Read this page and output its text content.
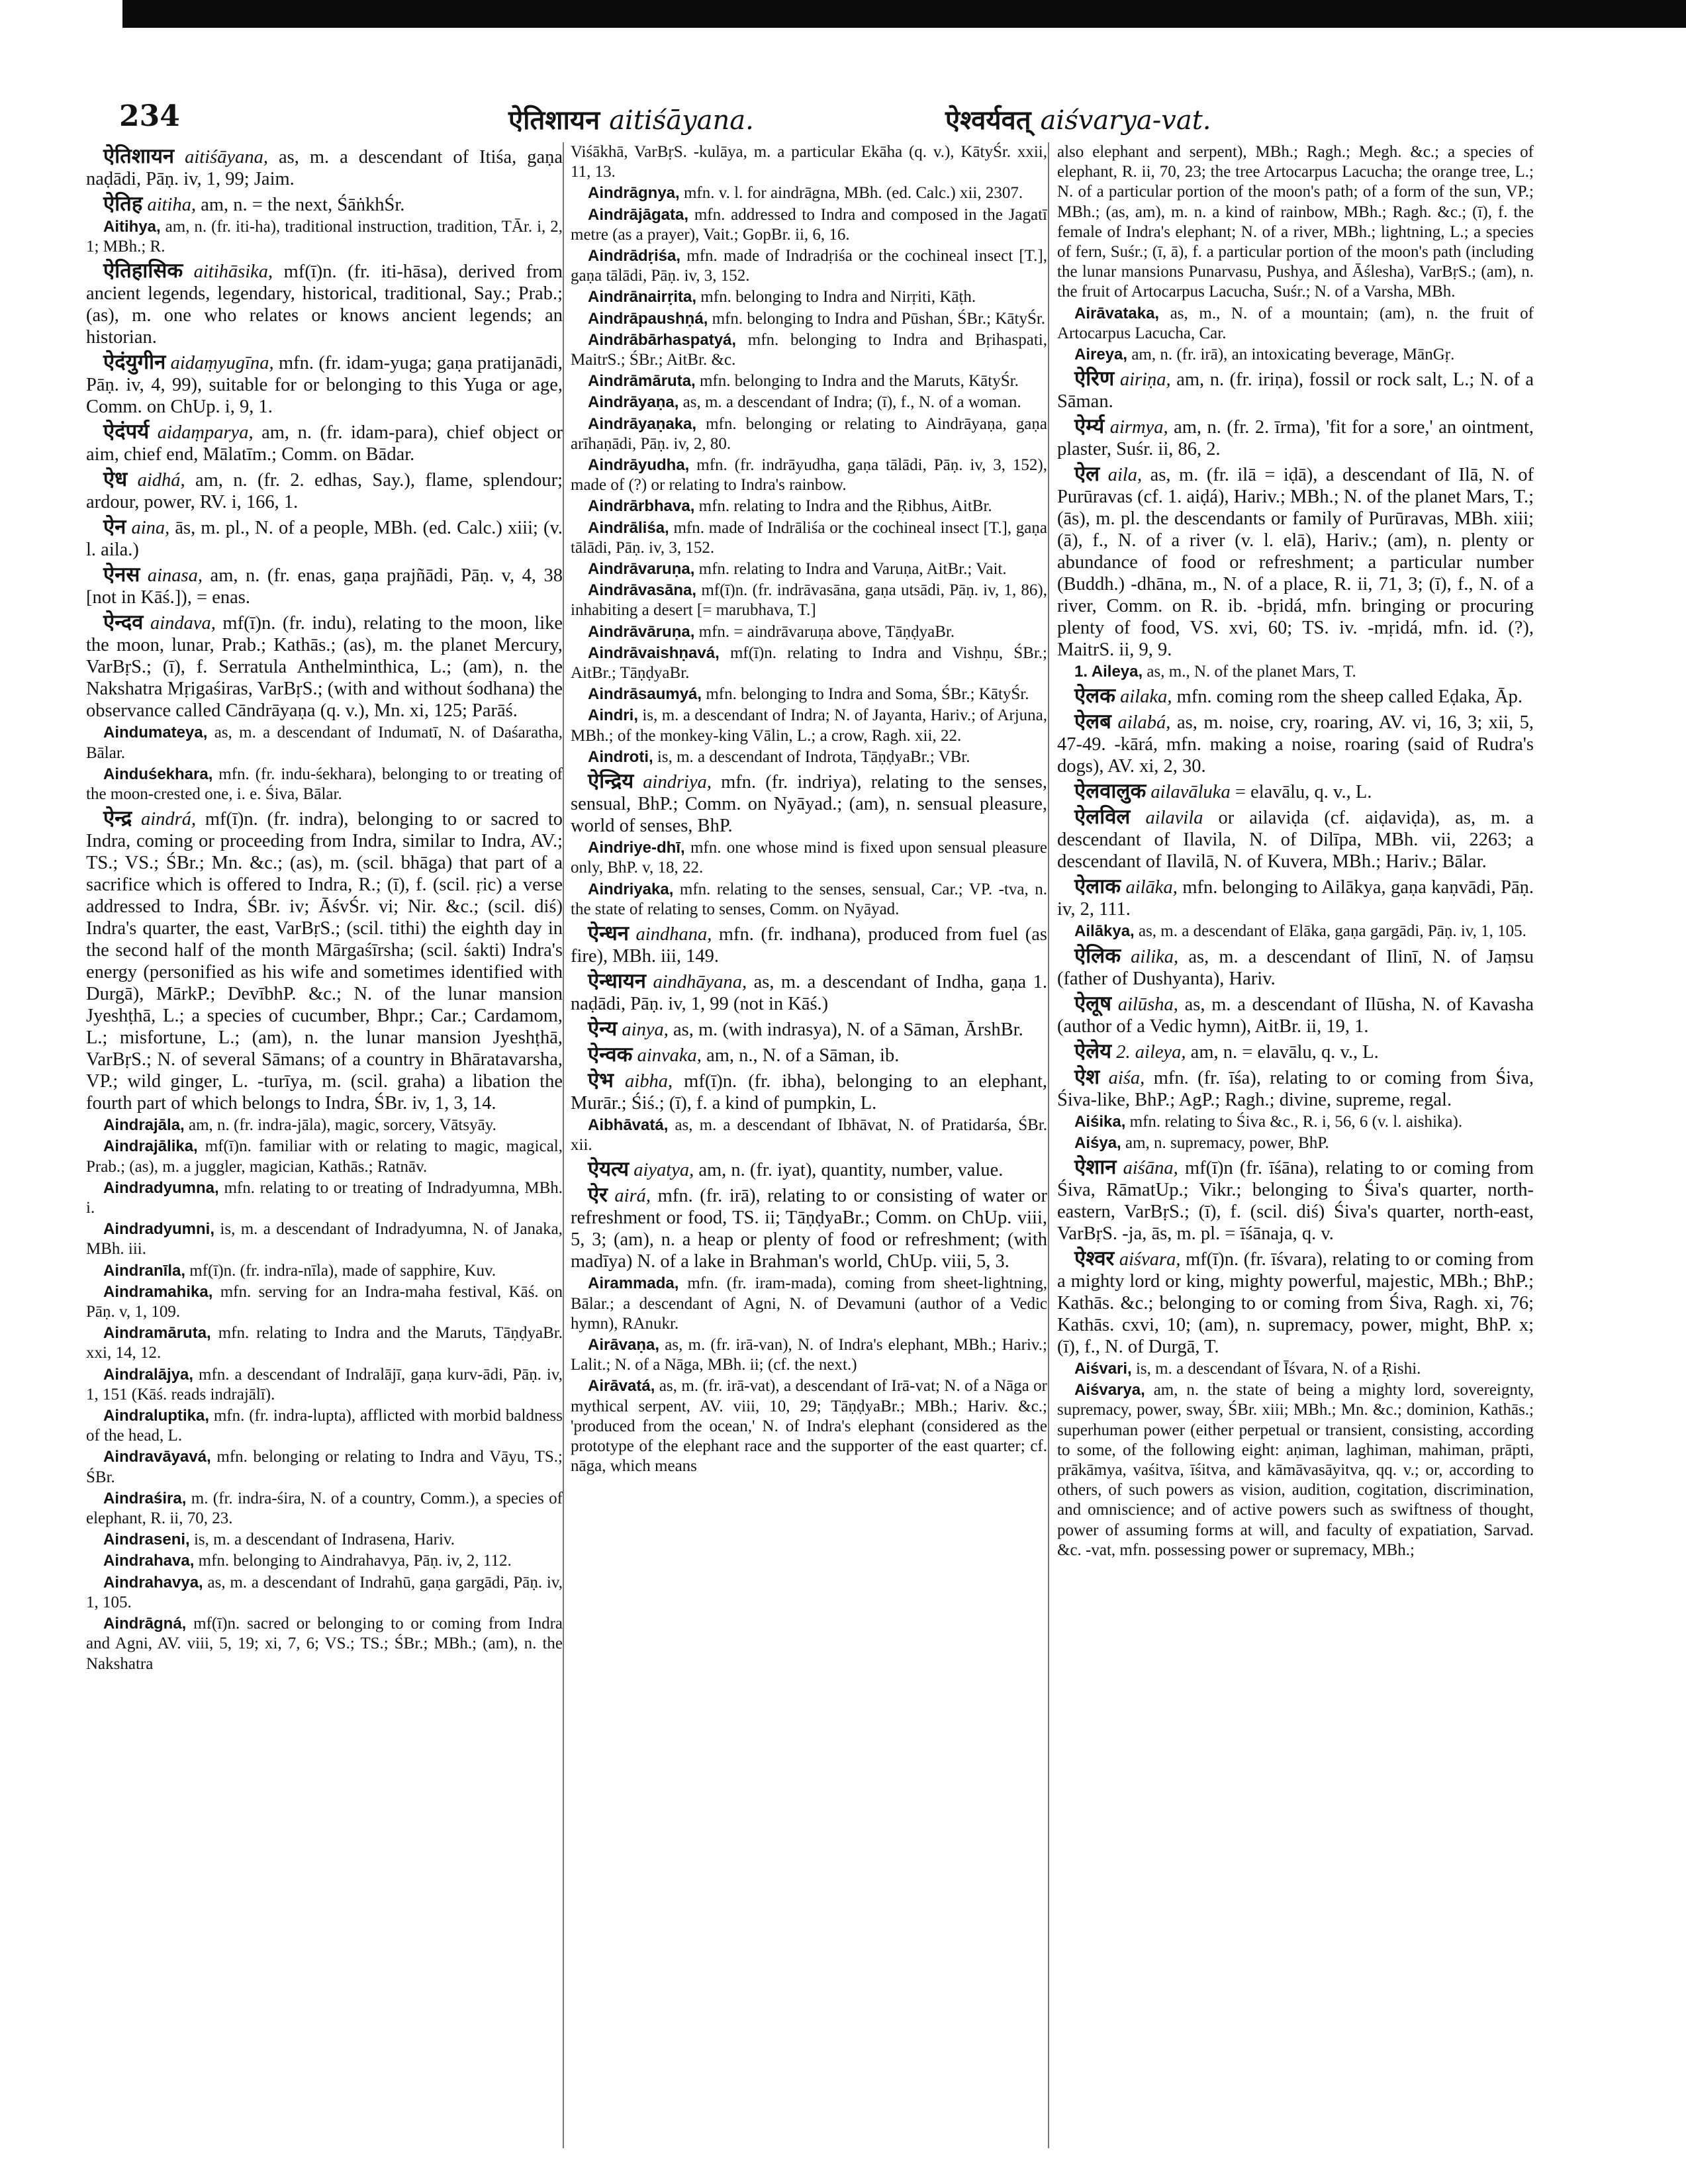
234	ऐतिशायन aitiśāyana.	ऐश्वर्यवत् aiśvarya-vat.

ऐतिशायन aitiśāyana, as, m. a descendant of Itiśa, gaṇa naḍādi, Pāṇ. iv, 1, 99; Jaim.

ऐतिह aitiha, am, n. = the next, ŚāṅkhŚr.

Aitihya, am, n. (fr. iti-ha), traditional instruction, tradition, TĀr. i, 2, 1; MBh.; R.

ऐतिहासिक aitihāsika, mf(ī)n. (fr. iti-hāsa), derived from ancient legends, legendary, historical, traditional, Say.; Prab.; (as), m. one who relates or knows ancient legends; an historian.

ऐदंयुगीन aidaṃyugīna, mfn. (fr. idam-yuga; gaṇa pratijanādi, Pāṇ. iv, 4, 99), suitable for or belonging to this Yuga or age, Comm. on ChUp. i, 9, 1.

ऐदंपर्य aidaṃparya, am, n. (fr. idam-para), chief object or aim, chief end, Mālatīm.; Comm. on Bādar.

ऐध aidhá, am, n. (fr. 2. edhas, Say.), flame, splendour; ardour, power, RV. i, 166, 1.

ऐन aina, ās, m. pl., N. of a people, MBh. (ed. Calc.) xiii; (v. l. aila.)

ऐनस ainasa, am, n. (fr. enas, gaṇa prajñādi, Pāṇ. v, 4, 38 [not in Kāś.]), = enas.

ऐन्दव aindava, mf(ī)n. (fr. indu), relating to the moon, like the moon, lunar, Prab.; Kathās.; (as), m. the planet Mercury, VarBṛS.; (ī), f. Serratula Anthelminthica, L.; (am), n. the Nakshatra Mṛigaśiras, VarBṛS.; (with and without śodhana) the observance called Cāndrāyaṇa (q. v.), Mn. xi, 125; Parāś.

Aindumateya, as, m. a descendant of Indumatī, N. of Daśaratha, Bālar.

Ainduśekhara, mfn. (fr. indu-śekhara), belonging to or treating of the moon-crested one, i. e. Śiva, Bālar.

ऐन्द्र aindrá, mf(ī)n. (fr. indra), belonging to or sacred to Indra, coming or proceeding from Indra, similar to Indra, AV.; TS.; VS.; ŚBr.; Mn. &c.; (as), m. (scil. bhāga) that part of a sacrifice which is offered to Indra, R.; (ī), f. (scil. ṛic) a verse addressed to Indra, ŚBr. iv; ĀśvŚr. vi; Nir. &c.; (scil. diś) Indra's quarter, the east, VarBṛS.; (scil. tithi) the eighth day in the second half of the month Mārgaśīrsha; (scil. śakti) Indra's energy (personified as his wife and sometimes identified with Durgā), MārkP.; DevībhP. &c.; N. of the lunar mansion Jyeshṭhā, L.; a species of cucumber, Bhpr.; Car.; Cardamom, L.; misfortune, L.; (am), n. the lunar mansion Jyeshṭhā, VarBṛS.; N. of several Sāmans; of a country in Bhāratavarsha, VP.; wild ginger, L. -turīya, m. (scil. graha) a libation the fourth part of which belongs to Indra, ŚBr. iv, 1, 3, 14.

Aindrajāla, am, n. (fr. indra-jāla), magic, sorcery, Vātsyāy.

Aindrajālika, mf(ī)n. familiar with or relating to magic, magical, Prab.; (as), m. a juggler, magician, Kathās.; Ratnāv.

Aindradyumna, mfn. relating to or treating of Indradyumna, MBh. i.

Aindradyumni, is, m. a descendant of Indradyumna, N. of Janaka, MBh. iii.

Aindranīla, mf(ī)n. (fr. indra-nīla), made of sapphire, Kuv.

Aindramahika, mfn. serving for an Indra-maha festival, Kāś. on Pāṇ. v, 1, 109.

Aindramāruta, mfn. relating to Indra and the Maruts, TāṇḍyaBr. xxi, 14, 12.

Aindralājya, mfn. a descendant of Indralājī, gaṇa kurv-ādi, Pāṇ. iv, 1, 151 (Kāś. reads indrajālī).

Aindraluptika, mfn. (fr. indra-lupta), afflicted with morbid baldness of the head, L.

Aindravāyavá, mfn. belonging or relating to Indra and Vāyu, TS.; ŚBr.

Aindraśira, m. (fr. indra-śira, N. of a country, Comm.), a species of elephant, R. ii, 70, 23.

Aindraseni, is, m. a descendant of Indrasena, Hariv.

Aindrahava, mfn. belonging to Aindrahavya, Pāṇ. iv, 2, 112.

Aindrahavya, as, m. a descendant of Indrahū, gaṇa gargādi, Pāṇ. iv, 1, 105.

Aindrāgná, mf(ī)n. sacred or belonging to or coming from Indra and Agni, AV. viii, 5, 19; xi, 7, 6; VS.; TS.; ŚBr.; MBh.; (am), n. the Nakshatra

Viśākhā, VarBṛS. -kulāya, m. a particular Ekāha (q. v.), KātyŚr. xxii, 11, 13.

Aindrāgnya, mfn. v. l. for aindrāgna, MBh. (ed. Calc.) xii, 2307.

Aindrājāgata, mfn. addressed to Indra and composed in the Jagatī metre (as a prayer), Vait.; GopBr. ii, 6, 16.

Aindrādṛiśa, mfn. made of Indradṛiśa or the cochineal insect [T.], gaṇa tālādi, Pāṇ. iv, 3, 152.

Aindrānairṛita, mfn. belonging to Indra and Nirṛiti, Kāṭh.

Aindrāpaushṇá, mfn. belonging to Indra and Pūshan, ŚBr.; KātyŚr.

Aindrābārhaspatyá, mfn. belonging to Indra and Bṛihaspati, MaitrS.; ŚBr.; AitBr. &c.

Aindrāmāruta, mfn. belonging to Indra and the Maruts, KātyŚr.

Aindrāyaṇa, as, m. a descendant of Indra; (ī), f., N. of a woman.

Aindrāyaṇaka, mfn. belonging or relating to Aindrāyaṇa, gaṇa arīhaṇādi, Pāṇ. iv, 2, 80.

Aindrāyudha, mfn. (fr. indrāyudha, gaṇa tālādi, Pāṇ. iv, 3, 152), made of (?) or relating to Indra's rainbow.

Aindrārbhava, mfn. relating to Indra and the Ṛibhus, AitBr.

Aindrāliśa, mfn. made of Indrāliśa or the cochineal insect [T.], gaṇa tālādi, Pāṇ. iv, 3, 152.

Aindrāvaruṇa, mfn. relating to Indra and Varuṇa, AitBr.; Vait.

Aindrāvasāna, mf(ī)n. (fr. indrāvasāna, gaṇa utsādi, Pāṇ. iv, 1, 86), inhabiting a desert [= marubhava, T.]

Aindrāvāruṇa, mfn. = aindrāvaruṇa above, TāṇḍyaBr.

Aindrāvaishṇavá, mf(ī)n. relating to Indra and Vishṇu, ŚBr.; AitBr.; TāṇḍyaBr.

Aindrāsaumyá, mfn. belonging to Indra and Soma, ŚBr.; KātyŚr.

Aindri, is, m. a descendant of Indra; N. of Jayanta, Hariv.; of Arjuna, MBh.; of the monkey-king Vālin, L.; a crow, Ragh. xii, 22.

Aindroti, is, m. a descendant of Indrota, TāṇḍyaBr.; VBr.

ऐन्द्रिय aindriya, mfn. (fr. indriya), relating to the senses, sensual, BhP.; Comm. on Nyāyad.; (am), n. sensual pleasure, world of senses, BhP.

Aindriye-dhī, mfn. one whose mind is fixed upon sensual pleasure only, BhP. v, 18, 22.

Aindriyaka, mfn. relating to the senses, sensual, Car.; VP. -tva, n. the state of relating to senses, Comm. on Nyāyad.

ऐन्धन aindhana, mfn. (fr. indhana), produced from fuel (as fire), MBh. iii, 149.

ऐन्धायन aindhāyana, as, m. a descendant of Indha, gaṇa 1. naḍādi, Pāṇ. iv, 1, 99 (not in Kāś.)

ऐन्य ainya, as, m. (with indrasya), N. of a Sāman, ĀrshBr.

ऐन्वक ainvaka, am, n., N. of a Sāman, ib.

ऐभ aibha, mf(ī)n. (fr. ibha), belonging to an elephant, Murār.; Śiś.; (ī), f. a kind of pumpkin, L.

Aibhāvatá, as, m. a descendant of Ibhāvat, N. of Pratidarśa, ŚBr. xii.

ऐयत्य aiyatya, am, n. (fr. iyat), quantity, number, value.

ऐर airá, mfn. (fr. irā), relating to or consisting of water or refreshment or food, TS. ii; TāṇḍyaBr.; Comm. on ChUp. viii, 5, 3; (am), n. a heap or plenty of food or refreshment; (with madīya) N. of a lake in Brahman's world, ChUp. viii, 5, 3.

Airammada, mfn. (fr. iram-mada), coming from sheet-lightning, Bālar.; a descendant of Agni, N. of Devamuni (author of a Vedic hymn), RAnukr.

Airāvaṇa, as, m. (fr. irā-van), N. of Indra's elephant, MBh.; Hariv.; Lalit.; N. of a Nāga, MBh. ii; (cf. the next.)

Airāvatá, as, m. (fr. irā-vat), a descendant of Irā-vat; N. of a Nāga or mythical serpent, AV. viii, 10, 29; TāṇḍyaBr.; MBh.; Hariv. &c.; 'produced from the ocean,' N. of Indra's elephant (considered as the prototype of the elephant race and the supporter of the east quarter; cf. nāga, which means

also elephant and serpent), MBh.; Ragh.; Megh. &c.; a species of elephant, R. ii, 70, 23; the tree Artocarpus Lacucha; the orange tree, L.; N. of a particular portion of the moon's path; of a form of the sun, VP.; MBh.; (as, am), m. n. a kind of rainbow, MBh.; Ragh. &c.; (ī), f. the female of Indra's elephant; N. of a river, MBh.; lightning, L.; a species of fern, Suśr.; (ī, ā), f. a particular portion of the moon's path (including the lunar mansions Punarvasu, Pushya, and Āślesha), VarBṛS.; (am), n. the fruit of Artocarpus Lacucha, Suśr.; N. of a Varsha, MBh.

Airāvataka, as, m., N. of a mountain; (am), n. the fruit of Artocarpus Lacucha, Car.

Aireya, am, n. (fr. irā), an intoxicating beverage, MānGṛ.

ऐरिण airiṇa, am, n. (fr. iriṇa), fossil or rock salt, L.; N. of a Sāman.

ऐर्म्य airmya, am, n. (fr. 2. īrma), 'fit for a sore,' an ointment, plaster, Suśr. ii, 86, 2.

ऐल aila, as, m. (fr. ilā = iḍā), a descendant of Ilā, N. of Purūravas (cf. 1. aiḍá), Hariv.; MBh.; N. of the planet Mars, T.; (ās), m. pl. the descendants or family of Purūravas, MBh. xiii; (ā), f., N. of a river (v. l. elā), Hariv.; (am), n. plenty or abundance of food or refreshment; a particular number (Buddh.) -dhāna, m., N. of a place, R. ii, 71, 3; (ī), f., N. of a river, Comm. on R. ib. -bṛidá, mfn. bringing or procuring plenty of food, VS. xvi, 60; TS. iv. -mṛidá, mfn. id. (?), MaitrS. ii, 9, 9.

1. Aileya, as, m., N. of the planet Mars, T.

ऐलक ailaka, mfn. coming rom the sheep called Eḍaka, Āp.

ऐलब ailabá, as, m. noise, cry, roaring, AV. vi, 16, 3; xii, 5, 47-49. -kārá, mfn. making a noise, roaring (said of Rudra's dogs), AV. xi, 2, 30.

ऐलवालुक ailavāluka = elavālu, q. v., L.

ऐलविल ailavila or ailaviḍa (cf. aiḍaviḍa), as, m. a descendant of Ilavila, N. of Dilīpa, MBh. vii, 2263; a descendant of Ilavilā, N. of Kuvera, MBh.; Hariv.; Bālar.

ऐलाक ailāka, mfn. belonging to Ailākya, gaṇa kaṇvādi, Pāṇ. iv, 2, 111.

Ailākya, as, m. a descendant of Elāka, gaṇa gargādi, Pāṇ. iv, 1, 105.

ऐलिक ailika, as, m. a descendant of Ilinī, N. of Jaṃsu (father of Dushyanta), Hariv.

ऐलूष ailūsha, as, m. a descendant of Ilūsha, N. of Kavasha (author of a Vedic hymn), AitBr. ii, 19, 1.

ऐलेय 2. aileya, am, n. = elavālu, q. v., L.

ऐश aiśa, mfn. (fr. īśa), relating to or coming from Śiva, Śiva-like, BhP.; AgP.; Ragh.; divine, supreme, regal.

Aiśika, mfn. relating to Śiva &c., R. i, 56, 6 (v. l. aishika).

Aiśya, am, n. supremacy, power, BhP.

ऐशान aiśāna, mf(ī)n (fr. īśāna), relating to or coming from Śiva, RāmatUp.; Vikr.; belonging to Śiva's quarter, north-eastern, VarBṛS.; (ī), f. (scil. diś) Śiva's quarter, north-east, VarBṛS. -ja, ās, m. pl. = īśānaja, q. v.

ऐश्वर aiśvara, mf(ī)n. (fr. īśvara), relating to or coming from a mighty lord or king, mighty powerful, majestic, MBh.; BhP.; Kathās. &c.; belonging to or coming from Śiva, Ragh. xi, 76; Kathās. cxvi, 10; (am), n. supremacy, power, might, BhP. x; (ī), f., N. of Durgā, T.

Aiśvari, is, m. a descendant of Īśvara, N. of a Ṛishi.

Aiśvarya, am, n. the state of being a mighty lord, sovereignty, supremacy, power, sway, ŚBr. xiii; MBh.; Mn. &c.; dominion, Kathās.; superhuman power (either perpetual or transient, consisting, according to some, of the following eight: aṇiman, laghiman, mahiman, prāpti, prākāmya, vaśitva, īśitva, and kāmāvasāyitva, qq. v.; or, according to others, of such powers as vision, audition, cogitation, discrimination, and omniscience; and of active powers such as swiftness of thought, power of assuming forms at will, and faculty of expatiation, Sarvad. &c. -vat, mfn. possessing power or supremacy, MBh.;
